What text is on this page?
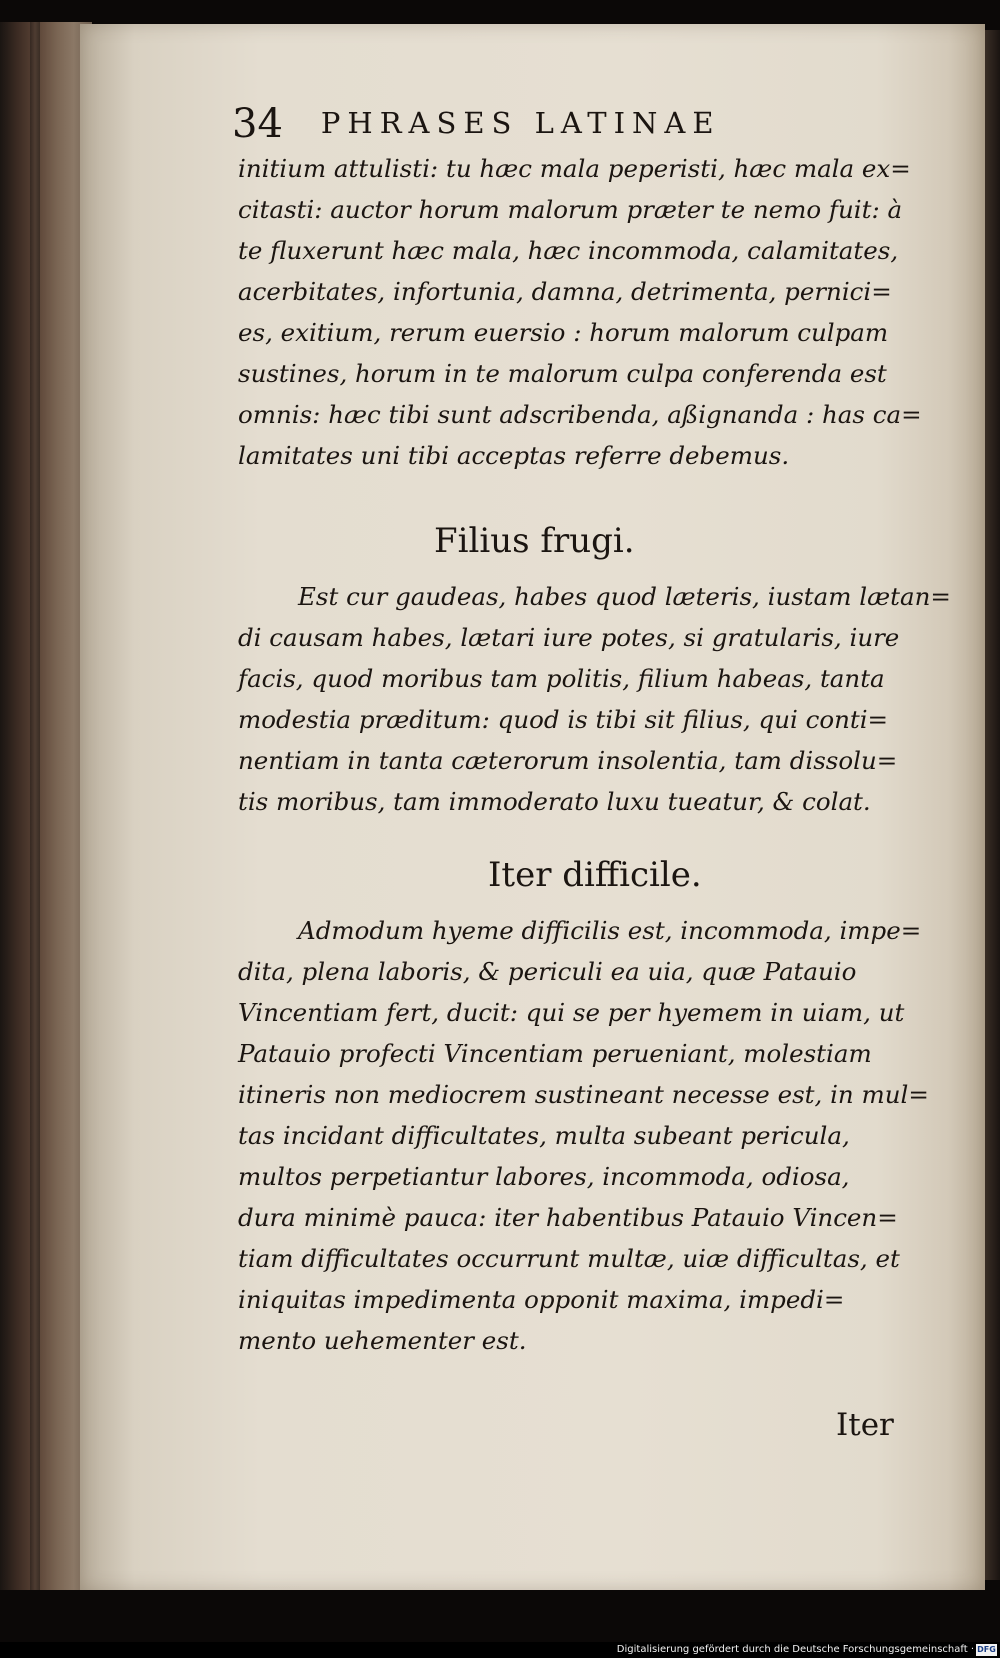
34 PHRASES LATINAE
initium attulisti: tu hæc mala peperisti, hæc mala ex=
citasti: auctor horum malorum præter te nemo fuit: à
te fluxerunt hæc mala, hæc incommoda, calamitates,
acerbitates, infortunia, damna, detrimenta, pernici=
es, exitium, rerum euersio : horum malorum culpam
sustines, horum in te malorum culpa conferenda est
omnis: hæc tibi sunt adscribenda, aßignanda : has ca=
lamitates uni tibi acceptas referre debemus.
Filius frugi.
Est cur gaudeas, habes quod læteris, iustam lætan=
di causam habes, lætari iure potes, si gratularis, iure
facis, quod moribus tam politis, filium habeas, tanta
modestia præditum: quod is tibi sit filius, qui conti=
nentiam in tanta cæterorum insolentia, tam dissolu=
tis moribus, tam immoderato luxu tueatur, & colat.
Iter difficile.
Admodum hyeme difficilis est, incommoda, impe=
dita, plena laboris, & periculi ea uia, quæ Patauio
Vincentiam fert, ducit: qui se per hyemem in uiam, ut
Patauio profecti Vincentiam perueniant, molestiam
itineris non mediocrem sustineant necesse est, in mul=
tas incidant difficultates, multa subeant pericula,
multos perpetiantur labores, incommoda, odiosa,
dura minimè pauca: iter habentibus Patauio Vincen=
tiam difficultates occurrunt multæ, uiæ difficultas, et
iniquitas impedimenta opponit maxima, impedi=
mento uehementer est.
Iter
Digitalisierung gefördert durch die Deutsche Forschungsgemeinschaft · DFG
